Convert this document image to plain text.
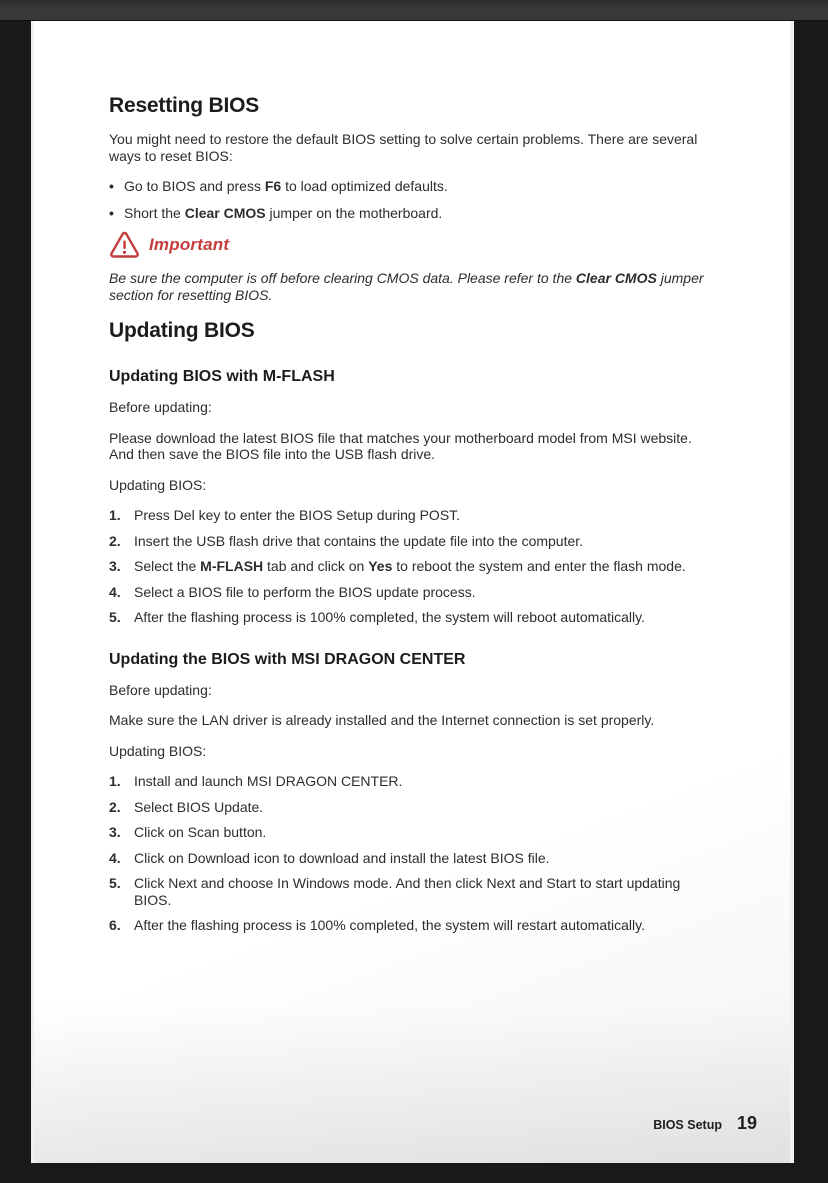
Resetting BIOS

You might need to restore the default BIOS setting to solve certain problems. There are several ways to reset BIOS:

• Go to BIOS and press F6 to load optimized defaults.
• Short the Clear CMOS jumper on the motherboard.
Important

Be sure the computer is off before clearing CMOS data. Please refer to the Clear CMOS jumper section for resetting BIOS.

Updating BIOS
Updating BIOS with M-FLASH

Before updating:

Please download the latest BIOS file that matches your motherboard model from MSI website. And then save the BIOS file into the USB flash drive.

Updating BIOS:

1. Press Del key to enter the BIOS Setup during POST.
2. Insert the USB flash drive that contains the update file into the computer.
3. Select the M-FLASH tab and click on Yes to reboot the system and enter the flash mode.
4. Select a BIOS file to perform the BIOS update process.
5. After the flashing process is 100% completed, the system will reboot automatically.
Updating the BIOS with MSI DRAGON CENTER

Before updating:

Make sure the LAN driver is already installed and the Internet connection is set properly.

Updating BIOS:

1. Install and launch MSI DRAGON CENTER.
2. Select BIOS Update.
3. Click on Scan button.
4. Click on Download icon to download and install the latest BIOS file.
5. Click Next and choose In Windows mode. And then click Next and Start to start updating BIOS.
6. After the flashing process is 100% completed, the system will restart automatically.
BIOS Setup 19
